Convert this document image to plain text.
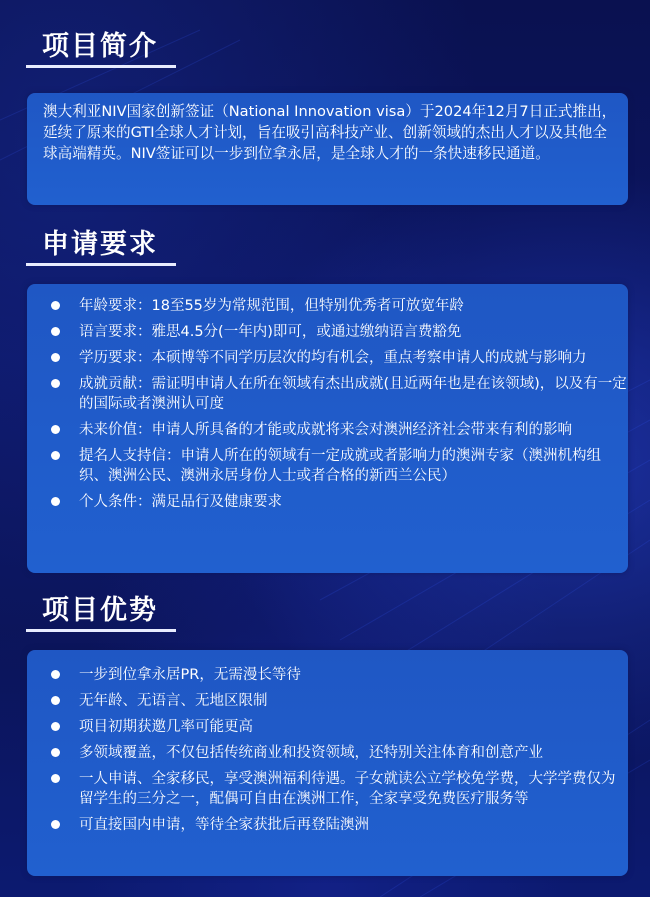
项目简介

澳大利亚NIV国家创新签证（National Innovation visa）于2024年12月7日正式推出，延续了原来的GTI全球人才计划，旨在吸引高科技产业、创新领域的杰出人才以及其他全球高端精英。NIV签证可以一步到位拿永居，是全球人才的一条快速移民通道。

申请要求
年龄要求：18至55岁为常规范围，但特别优秀者可放宽年龄
语言要求：雅思4.5分(一年内)即可，或通过缴纳语言费豁免
学历要求：本硕博等不同学历层次的均有机会，重点考察申请人的成就与影响力
成就贡献：需证明申请人在所在领域有杰出成就(且近两年也是在该领域)，以及有一定的国际或者澳洲认可度
未来价值：申请人所具备的才能或成就将来会对澳洲经济社会带来有利的影响
提名人支持信：申请人所在的领域有一定成就或者影响力的澳洲专家（澳洲机构组织、澳洲公民、澳洲永居身份人士或者合格的新西兰公民）
个人条件：满足品行及健康要求
项目优势
一步到位拿永居PR，无需漫长等待
无年龄、无语言、无地区限制
项目初期获邀几率可能更高
多领域覆盖，不仅包括传统商业和投资领域，还特别关注体育和创意产业
一人申请、全家移民，享受澳洲福利待遇。子女就读公立学校免学费，大学学费仅为留学生的三分之一，配偶可自由在澳洲工作，全家享受免费医疗服务等
可直接国内申请，等待全家获批后再登陆澳洲
